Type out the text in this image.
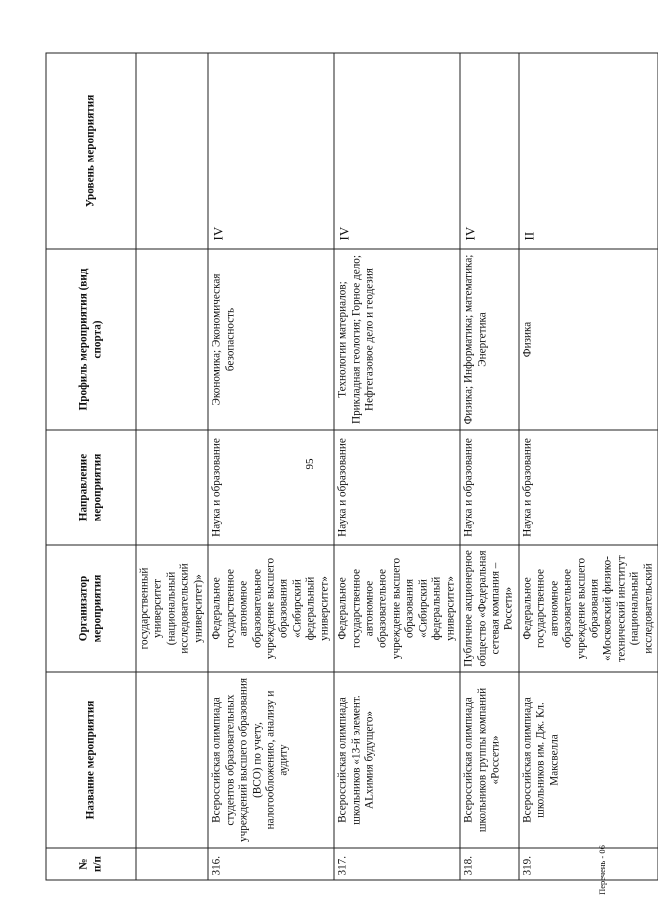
95
№ п/п	Название мероприятия	Организатор мероприятия	Направление мероприятия	Профиль мероприятия (вид спорта)	Уровень мероприятия
		государственный университет (национальный исследовательский университет)»			
316.	Всероссийская олимпиада студентов образовательных учреждений высшего образования (ВСО) по учету, налогообложению, анализу и аудиту	Федеральное государственное автономное образовательное учреждение высшего образования «Сибирский федеральный университет»	Наука и образование	Экономика; Экономическая безопасность	IV
317.	Всероссийская олимпиада школьников «13-й элемент. ALхимия будущего»	Федеральное государственное автономное образовательное учреждение высшего образования «Сибирский федеральный университет»	Наука и образование	Технологии материалов; Прикладная геология; Горное дело; Нефтегазовое дело и геодезия	IV
318.	Всероссийская олимпиада школьников группы компаний «Россети»	Публичное акционерное общество «Федеральная сетевая компания – Россети»	Наука и образование	Физика; Информатика; математика; Энергетика	IV
319.	Всероссийская олимпиада школьников им. Дж. Кл. Максвелла	Федеральное государственное автономное образовательное учреждение высшего образования «Московский физико-технический институт (национальный исследовательский	Наука и образование	Физика	II
Перечень - 06
